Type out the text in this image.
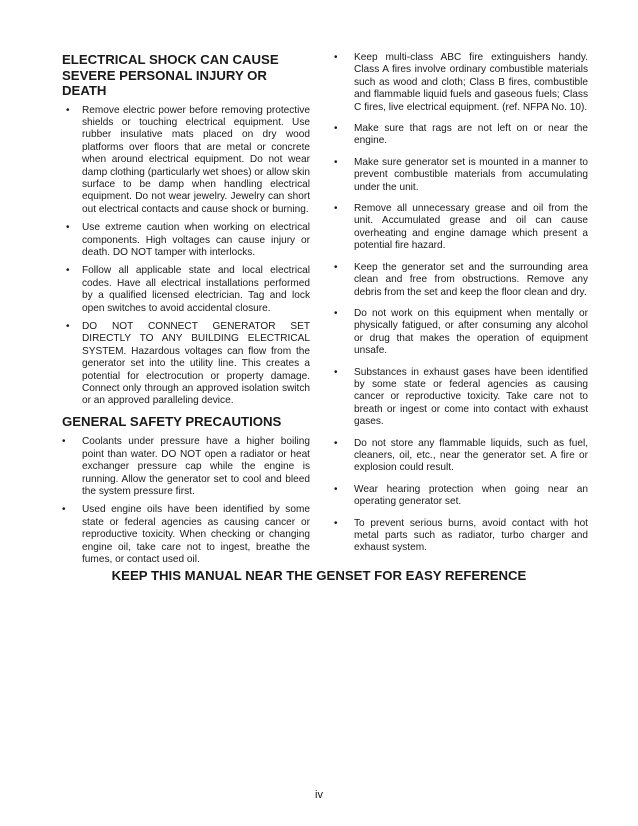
ELECTRICAL SHOCK CAN CAUSE SEVERE PERSONAL INJURY OR DEATH
• Remove electric power before removing protective shields or touching electrical equipment. Use rubber insulative mats placed on dry wood platforms over floors that are metal or concrete when around electrical equipment. Do not wear damp clothing (particularly wet shoes) or allow skin surface to be damp when handling electrical equipment. Do not wear jewelry. Jewelry can short out electrical contacts and cause shock or burning.
• Use extreme caution when working on electrical components. High voltages can cause injury or death. DO NOT tamper with interlocks.
• Follow all applicable state and local electrical codes. Have all electrical installations performed by a qualified licensed electrician. Tag and lock open switches to avoid accidental closure.
• DO NOT CONNECT GENERATOR SET DIRECTLY TO ANY BUILDING ELECTRICAL SYSTEM. Hazardous voltages can flow from the generator set into the utility line. This creates a potential for electrocution or property damage. Connect only through an approved isolation switch or an approved paralleling device.
GENERAL SAFETY PRECAUTIONS
• Coolants under pressure have a higher boiling point than water. DO NOT open a radiator or heat exchanger pressure cap while the engine is running. Allow the generator set to cool and bleed the system pressure first.
• Used engine oils have been identified by some state or federal agencies as causing cancer or reproductive toxicity. When checking or changing engine oil, take care not to ingest, breathe the fumes, or contact used oil.
• Keep multi-class ABC fire extinguishers handy. Class A fires involve ordinary combustible materials such as wood and cloth; Class B fires, combustible and flammable liquid fuels and gaseous fuels; Class C fires, live electrical equipment. (ref. NFPA No. 10).
• Make sure that rags are not left on or near the engine.
• Make sure generator set is mounted in a manner to prevent combustible materials from accumulating under the unit.
• Remove all unnecessary grease and oil from the unit. Accumulated grease and oil can cause overheating and engine damage which present a potential fire hazard.
• Keep the generator set and the surrounding area clean and free from obstructions. Remove any debris from the set and keep the floor clean and dry.
• Do not work on this equipment when mentally or physically fatigued, or after consuming any alcohol or drug that makes the operation of equipment unsafe.
• Substances in exhaust gases have been identified by some state or federal agencies as causing cancer or reproductive toxicity. Take care not to breath or ingest or come into contact with exhaust gases.
• Do not store any flammable liquids, such as fuel, cleaners, oil, etc., near the generator set. A fire or explosion could result.
• Wear hearing protection when going near an operating generator set.
• To prevent serious burns, avoid contact with hot metal parts such as radiator, turbo charger and exhaust system.
KEEP THIS MANUAL NEAR THE GENSET FOR EASY REFERENCE
iv
